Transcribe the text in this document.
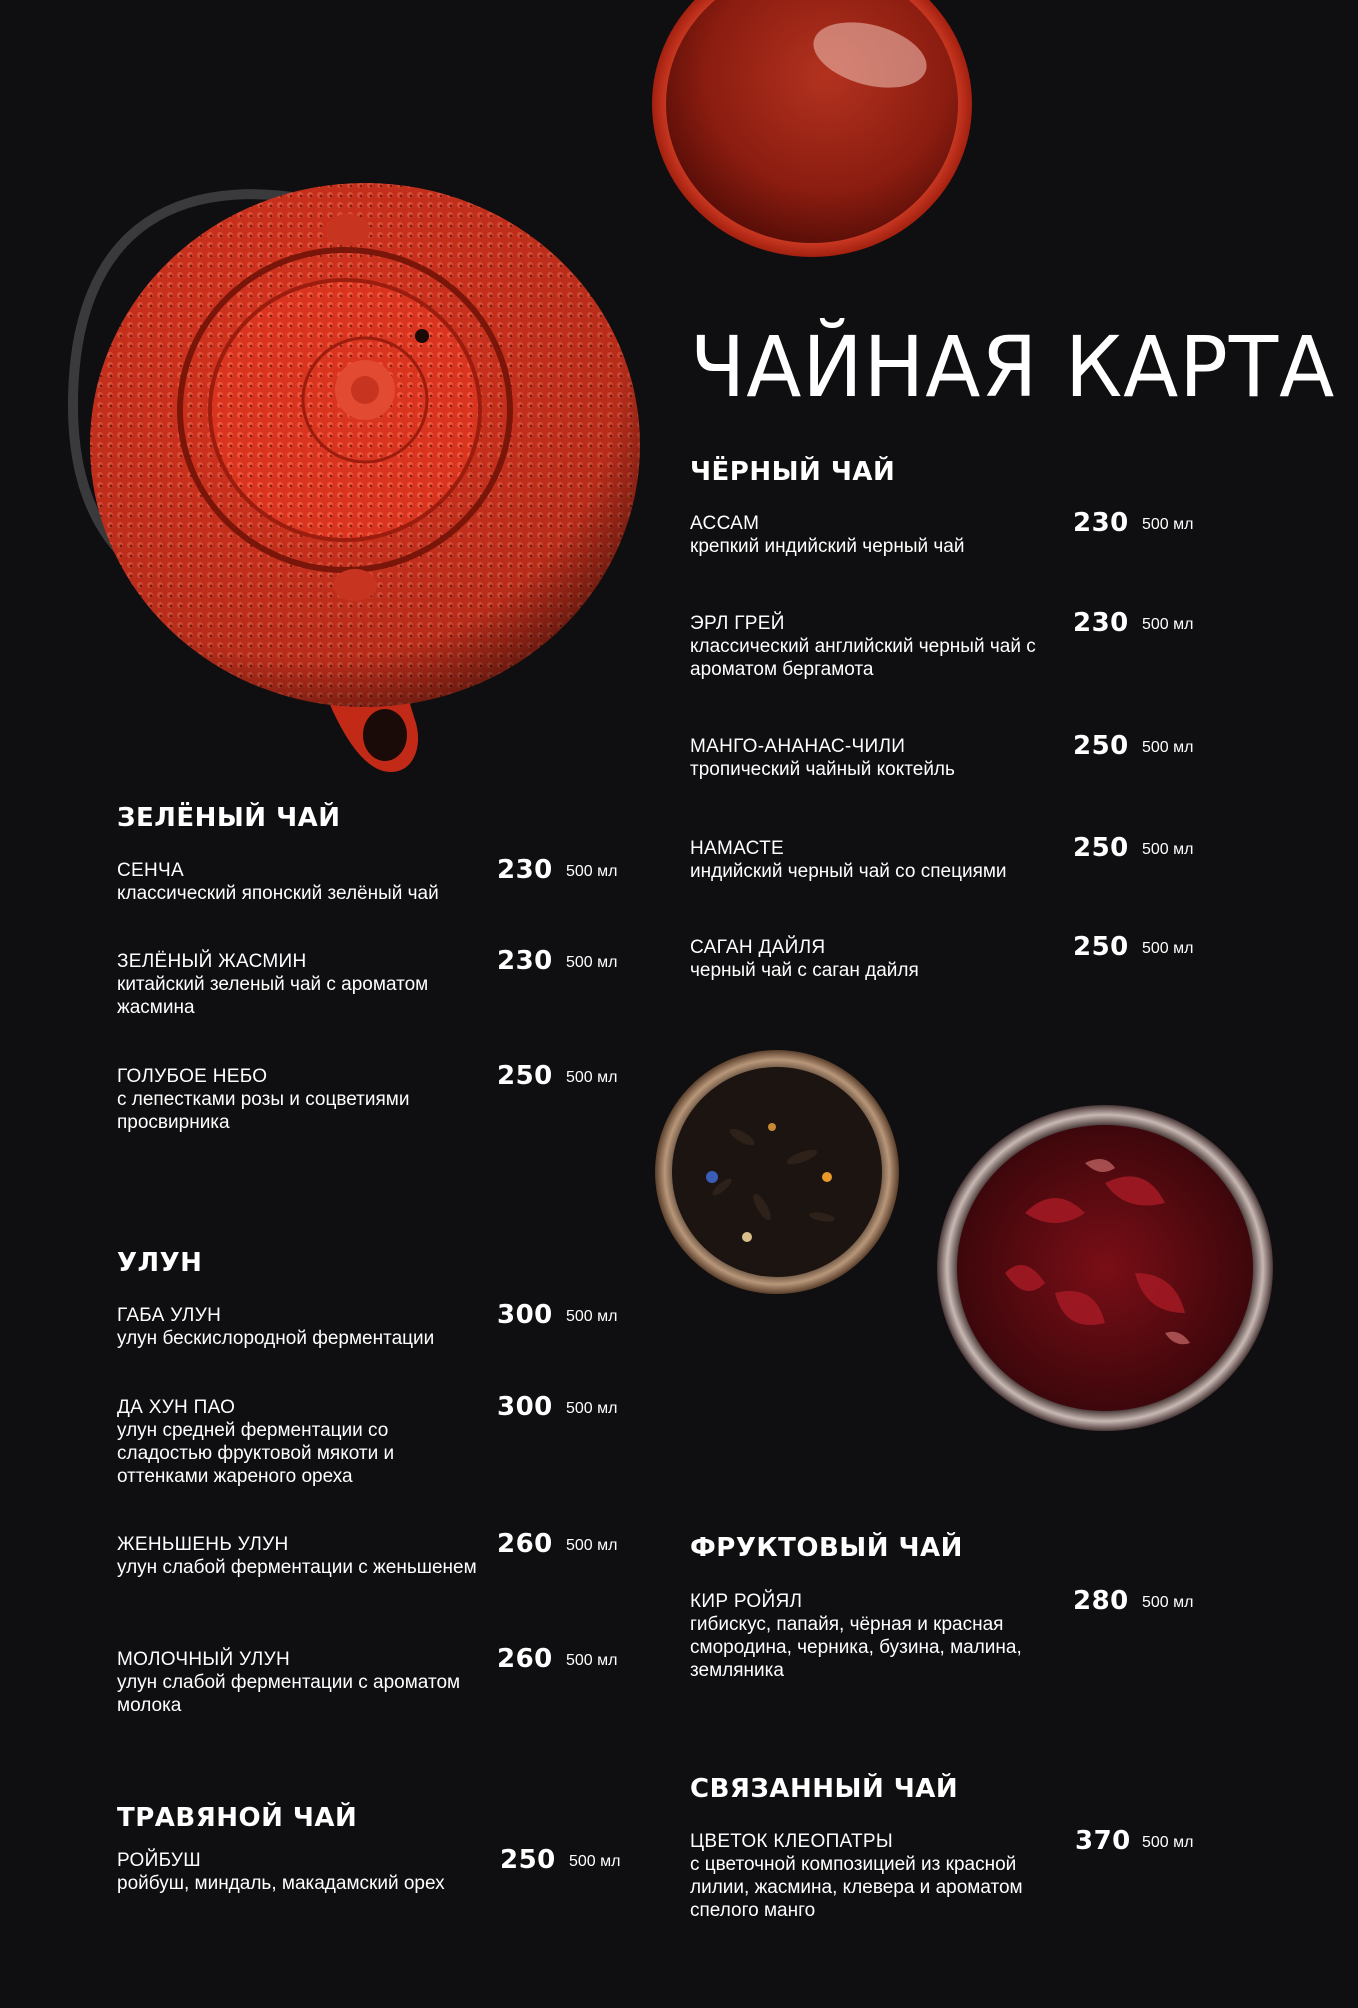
ЧАЙНАЯ КАРТА
ЧЁРНЫЙ ЧАЙ
АССАМ
крепкий индийский черный чай
230 500 мл
ЭРЛ ГРЕЙ
классический английский черный чай с ароматом бергамота
230 500 мл
МАНГО-АНАНАС-ЧИЛИ
тропический чайный коктейль
250 500 мл
НАМАСТЕ
индийский черный чай со специями
250 500 мл
САГАН ДАЙЛЯ
черный чай с саган дайля
250 500 мл
ЗЕЛЁНЫЙ ЧАЙ
СЕНЧА
классический японский зелёный чай
230 500 мл
ЗЕЛЁНЫЙ ЖАСМИН
китайский зеленый чай с ароматом жасмина
230 500 мл
ГОЛУБОЕ НЕБО
с лепестками розы и соцветиями просвирника
250 500 мл
УЛУН
ГАБА УЛУН
улун бескислородной ферментации
300 500 мл
ДА ХУН ПАО
улун средней ферментации со сладостью фруктовой мякоти и оттенками жареного ореха
300 500 мл
ЖЕНЬШЕНЬ УЛУН
улун слабой ферментации с женьшенем
260 500 мл
МОЛОЧНЫЙ УЛУН
улун слабой ферментации с ароматом молока
260 500 мл
ТРАВЯНОЙ ЧАЙ
РОЙБУШ
ройбуш, миндаль, макадамский орех
250 500 мл
ФРУКТОВЫЙ ЧАЙ
КИР РОЙЯЛ
гибискус, папайя, чёрная и красная смородина, черника, бузина, малина, земляника
280 500 мл
СВЯЗАННЫЙ ЧАЙ
ЦВЕТОК КЛЕОПАТРЫ
с цветочной композицией из красной лилии, жасмина, клевера и ароматом спелого манго
370 500 мл
